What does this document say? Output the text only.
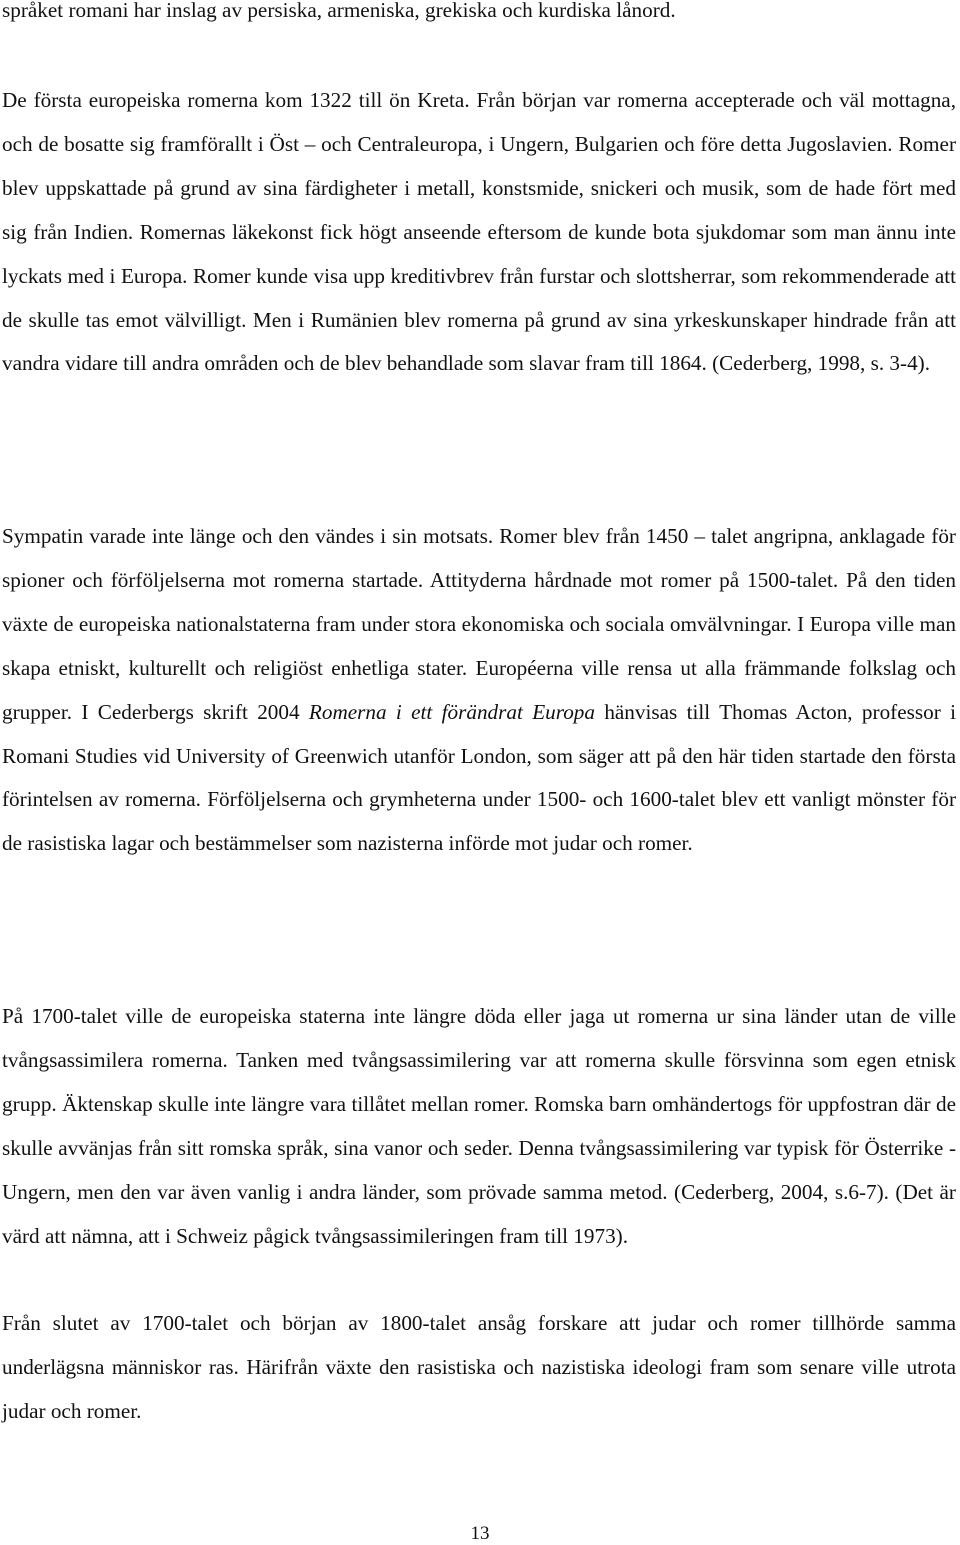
språket romani har inslag av persiska, armeniska, grekiska och kurdiska lånord.

De första europeiska romerna kom 1322 till ön Kreta. Från början var romerna accepterade och väl mottagna, och de bosatte sig framförallt i Öst – och Centraleuropa, i Ungern, Bulgarien och före detta Jugoslavien. Romer blev uppskattade på grund av sina färdigheter i metall, konstsmide, snickeri och musik, som de hade fört med sig från Indien. Romernas läkekonst fick högt anseende eftersom de kunde bota sjukdomar som man ännu inte lyckats med i Europa. Romer kunde visa upp kreditivbrev från furstar och slottsherrar, som rekommenderade att de skulle tas emot välvilligt. Men i Rumänien blev romerna på grund av sina yrkeskunskaper hindrade från att vandra vidare till andra områden och de blev behandlade som slavar fram till 1864. (Cederberg, 1998, s. 3-4).

Sympatin varade inte länge och den vändes i sin motsats. Romer blev från 1450 – talet angripna, anklagade för spioner och förföljelserna mot romerna startade. Attityderna hårdnade mot romer på 1500-talet. På den tiden växte de europeiska nationalstaterna fram under stora ekonomiska och sociala omvälvningar. I Europa ville man skapa etniskt, kulturellt och religiöst enhetliga stater. Européerna ville rensa ut alla främmande folkslag och grupper. I Cederbergs skrift 2004 Romerna i ett förändrat Europa hänvisas till Thomas Acton, professor i Romani Studies vid University of Greenwich utanför London, som säger att på den här tiden startade den första förintelsen av romerna. Förföljelserna och grymheterna under 1500- och 1600-talet blev ett vanligt mönster för de rasistiska lagar och bestämmelser som nazisterna införde mot judar och romer.

På 1700-talet ville de europeiska staterna inte längre döda eller jaga ut romerna ur sina länder utan de ville tvångsassimilera romerna. Tanken med tvångsassimilering var att romerna skulle försvinna som egen etnisk grupp. Äktenskap skulle inte längre vara tillåtet mellan romer. Romska barn omhändertogs för uppfostran där de skulle avvänjas från sitt romska språk, sina vanor och seder. Denna tvångsassimilering var typisk för Österrike - Ungern, men den var även vanlig i andra länder, som prövade samma metod. (Cederberg, 2004, s.6-7). (Det är värd att nämna, att i Schweiz pågick tvångsassimileringen fram till 1973).

Från slutet av 1700-talet och början av 1800-talet ansåg forskare att judar och romer tillhörde samma underlägsna människor ras. Härifrån växte den rasistiska och nazistiska ideologi fram som senare ville utrota judar och romer.

13
